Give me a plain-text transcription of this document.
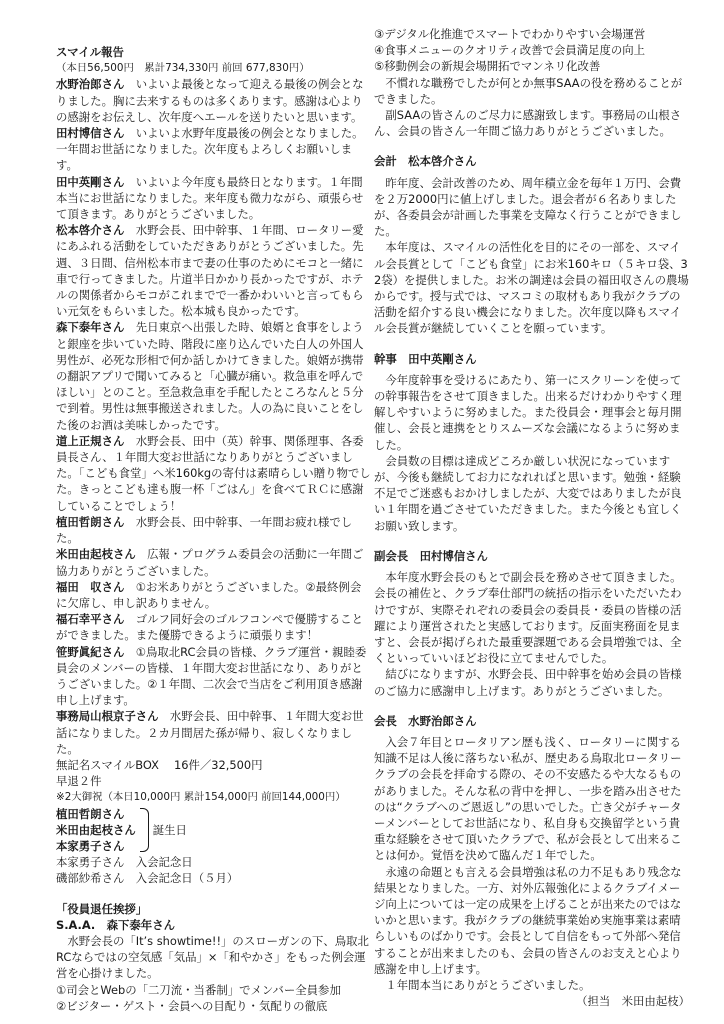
スマイル報告

（本日56,500円　累計734,330円 前回 677,830円）

水野治郎さん　いよいよ最後となって迎える最後の例会となりました。胸に去来するものは多くあります。感謝は心よりの感謝をお伝えし、次年度へエールを送りたいと思います。

田村博信さん　いよいよ水野年度最後の例会となりました。一年間お世話になりました。次年度もよろしくお願いします。

田中英剛さん　いよいよ今年度も最終日となります。１年間本当にお世話になりました。来年度も微力ながら、頑張らせて頂きます。ありがとうございました。

松本啓介さん　水野会長、田中幹事、１年間、ロータリー愛にあふれる活動をしていただきありがとうございました。先週、３日間、信州松本市まで妻の仕事のためにモコと一緒に車で行ってきました。片道半日かかり長かったですが、ホテルの関係者からモコがこれまでで一番かわいいと言ってもらい元気をもらいました。松本城も良かったです。

森下泰年さん　先日東京へ出張した時、娘婿と食事をしようと銀座を歩いていた時、階段に座り込んでいた白人の外国人男性が、必死な形相で何か話しかけてきました。娘婿が携帯の翻訳アプリで聞いてみると「心臓が痛い。救急車を呼んでほしい」とのこと。至急救急車を手配したところなんと５分で到着。男性は無事搬送されました。人の為に良いことをした後のお酒は美味しかったです。

道上正規さん　水野会長、田中（英）幹事、関係理事、各委員長さん、１年間大変お世話になりありがとうございました。「こども食堂」へ米160kgの寄付は素晴らしい贈り物でした。きっとこども達も腹一杯「ごはん」を食べてＲＣに感謝していることでしょう！

植田哲朗さん　水野会長、田中幹事、一年間お疲れ様でした。

米田由起枝さん　広報・プログラム委員会の活動に一年間ご協力ありがとうございました。

福田　収さん　①お米ありがとうございました。②最終例会に欠席し、申し訳ありません。

福石幸平さん　ゴルフ同好会のゴルフコンペで優勝することができました。また優勝できるように頑張ります！

笹野眞紀さん　①鳥取北RC会員の皆様、クラブ運営・親睦委員会のメンバーの皆様、１年間大変お世話になり、ありがとうございました。②１年間、二次会で当店をご利用頂き感謝申し上げます。

事務局山根京子さん　水野会長、田中幹事、１年間大変お世話になりました。２カ月間居た孫が帰り、寂しくなりました。

無記名スマイルBOX　 16件／32,500円

早退２件

※2大御祝（本日10,000円 累計154,000円 前回144,000円）

植田哲朗さん
米田由起枝さん
本家勇子さん
誕生日

本家勇子さん　入会記念日

磯部紗希さん　入会記念日（５月）

「役員退任挨拶」

S.A.A.　森下泰年さん

　水野会長の「It’s showtime!!」のスローガンの下、鳥取北RCならではの空気感「気品」×「和やかさ」をもった例会運営を心掛けました。

①司会とWebの「二刀流・当番制」でメンバー全員参加

②ビジター・ゲスト・会員への目配り・気配りの徹底

③デジタル化推進でスマートでわかりやすい会場運営

④食事メニューのクオリティ改善で会員満足度の向上

⑤移動例会の新規会場開拓でマンネリ化改善

　不慣れな職務でしたが何とか無事SAAの役を務めることができました。

　副SAAの皆さんのご尽力に感謝致します。事務局の山根さん、会員の皆さん一年間ご協力ありがとうございました。

会計　松本啓介さん

　昨年度、会計改善のため、周年積立金を毎年１万円、会費を２万2000円に値上げしました。退会者が６名ありましたが、各委員会が計画した事業を支障なく行うことができました。

　本年度は、スマイルの活性化を目的にその一部を、スマイル会長賞として「こども食堂」にお米160キロ（５キロ袋、32袋）を提供しました。お米の調達は会員の福田収さんの農場からです。授与式では、マスコミの取材もあり我がクラブの活動を紹介する良い機会になりました。次年度以降もスマイル会長賞が継続していくことを願っています。

幹事　田中英剛さん

　今年度幹事を受けるにあたり、第一にスクリーンを使っての幹事報告をさせて頂きました。出来るだけわかりやすく理解しやすいように努めました。また役員会・理事会と毎月開催し、会長と連携をとりスムーズな会議になるように努めました。

　会員数の目標は達成どころか厳しい状況になっていますが、今後も継続してお力になれればと思います。勉強・経験不足でご迷惑もおかけしましたが、大変ではありましたが良い１年間を過ごさせていただきました。また今後とも宜しくお願い致します。

副会長　田村博信さん

　本年度水野会長のもとで副会長を務めさせて頂きました。会長の補佐と、クラブ奉仕部門の統括の指示をいただいたわけですが、実際それぞれの委員会の委員長・委員の皆様の活躍により運営されたと実感しております。反面実務面を見ますと、会長が掲げられた最重要課題である会員増強では、全くといっていいほどお役に立てませんでした。

　結びになりますが、水野会長、田中幹事を始め会員の皆様のご協力に感謝申し上げます。ありがとうございました。

会長　水野治郎さん

　入会７年目とロータリアン歴も浅く、ロータリーに関する知識不足は人後に落ちない私が、歴史ある鳥取北ロータリークラブの会長を拝命する際の、その不安感たるや大なるものがありました。そんな私の背中を押し、一歩を踏み出させたのは“クラブへのご恩返し”の思いでした。亡き父がチャーターメンバーとしてお世話になり、私自身も交換留学という貴重な経験をさせて頂いたクラブで、私が会長として出来ることは何か。覚悟を決めて臨んだ１年でした。

　永遠の命題とも言える会員増強は私の力不足もあり残念な結果となりました。一方、対外広報強化によるクラブイメージ向上については一定の成果を上げることが出来たのではないかと思います。我がクラブの継続事業始め実施事業は素晴らしいものばかりです。会長として自信をもって外部へ発信することが出来ましたのも、会員の皆さんのお支えと心より感謝を申し上げます。

　１年間本当にありがとうございました。

（担当　米田由起枝）
